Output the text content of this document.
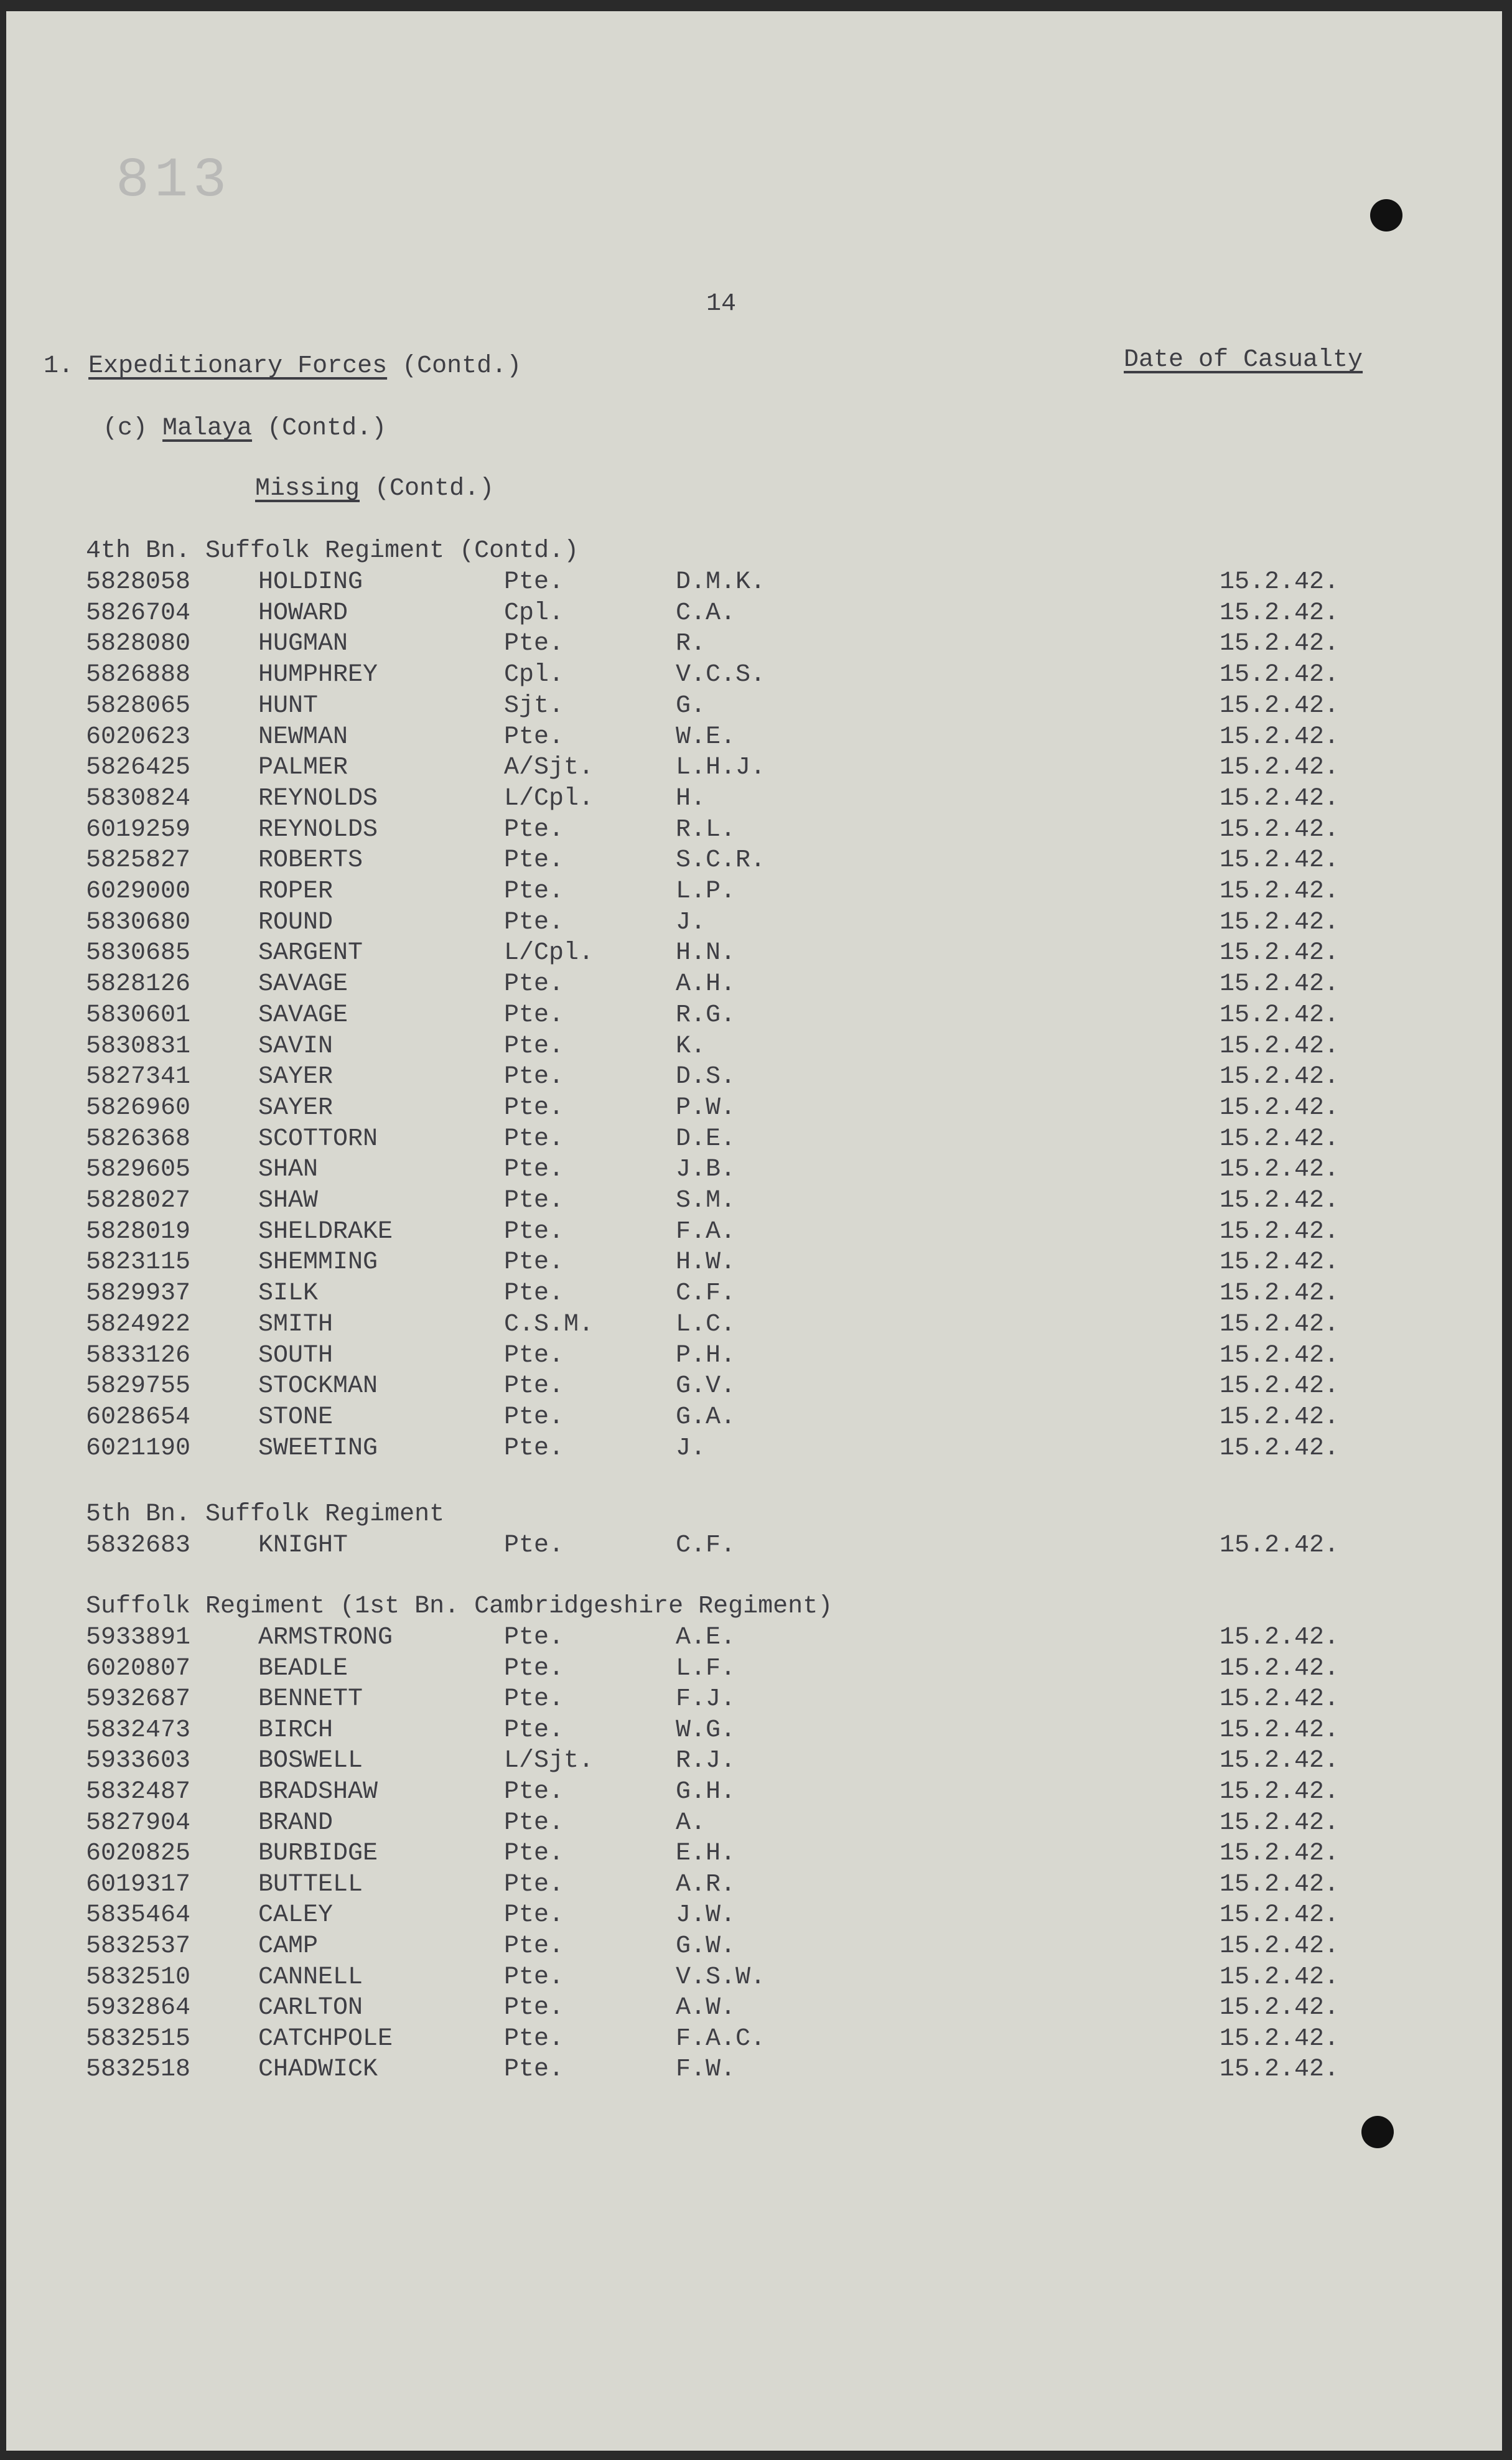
813
14
1. Expeditionary Forces (Contd.)	Date of Casualty
(c) Malaya (Contd.)
Missing (Contd.)
4th Bn. Suffolk Regiment (Contd.)
5828058	HOLDING	Pte.	D.M.K.	15.2.42.
5826704	HOWARD	Cpl.	C.A.	15.2.42.
5828080	HUGMAN	Pte.	R.	15.2.42.
5826888	HUMPHREY	Cpl.	V.C.S.	15.2.42.
5828065	HUNT	Sjt.	G.	15.2.42.
6020623	NEWMAN	Pte.	W.E.	15.2.42.
5826425	PALMER	A/Sjt.	L.H.J.	15.2.42.
5830824	REYNOLDS	L/Cpl.	H.	15.2.42.
6019259	REYNOLDS	Pte.	R.L.	15.2.42.
5825827	ROBERTS	Pte.	S.C.R.	15.2.42.
6029000	ROPER	Pte.	L.P.	15.2.42.
5830680	ROUND	Pte.	J.	15.2.42.
5830685	SARGENT	L/Cpl.	H.N.	15.2.42.
5828126	SAVAGE	Pte.	A.H.	15.2.42.
5830601	SAVAGE	Pte.	R.G.	15.2.42.
5830831	SAVIN	Pte.	K.	15.2.42.
5827341	SAYER	Pte.	D.S.	15.2.42.
5826960	SAYER	Pte.	P.W.	15.2.42.
5826368	SCOTTORN	Pte.	D.E.	15.2.42.
5829605	SHAN	Pte.	J.B.	15.2.42.
5828027	SHAW	Pte.	S.M.	15.2.42.
5828019	SHELDRAKE	Pte.	F.A.	15.2.42.
5823115	SHEMMING	Pte.	H.W.	15.2.42.
5829937	SILK	Pte.	C.F.	15.2.42.
5824922	SMITH	C.S.M.	L.C.	15.2.42.
5833126	SOUTH	Pte.	P.H.	15.2.42.
5829755	STOCKMAN	Pte.	G.V.	15.2.42.
6028654	STONE	Pte.	G.A.	15.2.42.
6021190	SWEETING	Pte.	J.	15.2.42.
5th Bn. Suffolk Regiment
5832683	KNIGHT	Pte.	C.F.	15.2.42.
Suffolk Regiment (1st Bn. Cambridgeshire Regiment)
5933891	ARMSTRONG	Pte.	A.E.	15.2.42.
6020807	BEADLE	Pte.	L.F.	15.2.42.
5932687	BENNETT	Pte.	F.J.	15.2.42.
5832473	BIRCH	Pte.	W.G.	15.2.42.
5933603	BOSWELL	L/Sjt.	R.J.	15.2.42.
5832487	BRADSHAW	Pte.	G.H.	15.2.42.
5827904	BRAND	Pte.	A.	15.2.42.
6020825	BURBIDGE	Pte.	E.H.	15.2.42.
6019317	BUTTELL	Pte.	A.R.	15.2.42.
5835464	CALEY	Pte.	J.W.	15.2.42.
5832537	CAMP	Pte.	G.W.	15.2.42.
5832510	CANNELL	Pte.	V.S.W.	15.2.42.
5932864	CARLTON	Pte.	A.W.	15.2.42.
5832515	CATCHPOLE	Pte.	F.A.C.	15.2.42.
5832518	CHADWICK	Pte.	F.W.	15.2.42.
